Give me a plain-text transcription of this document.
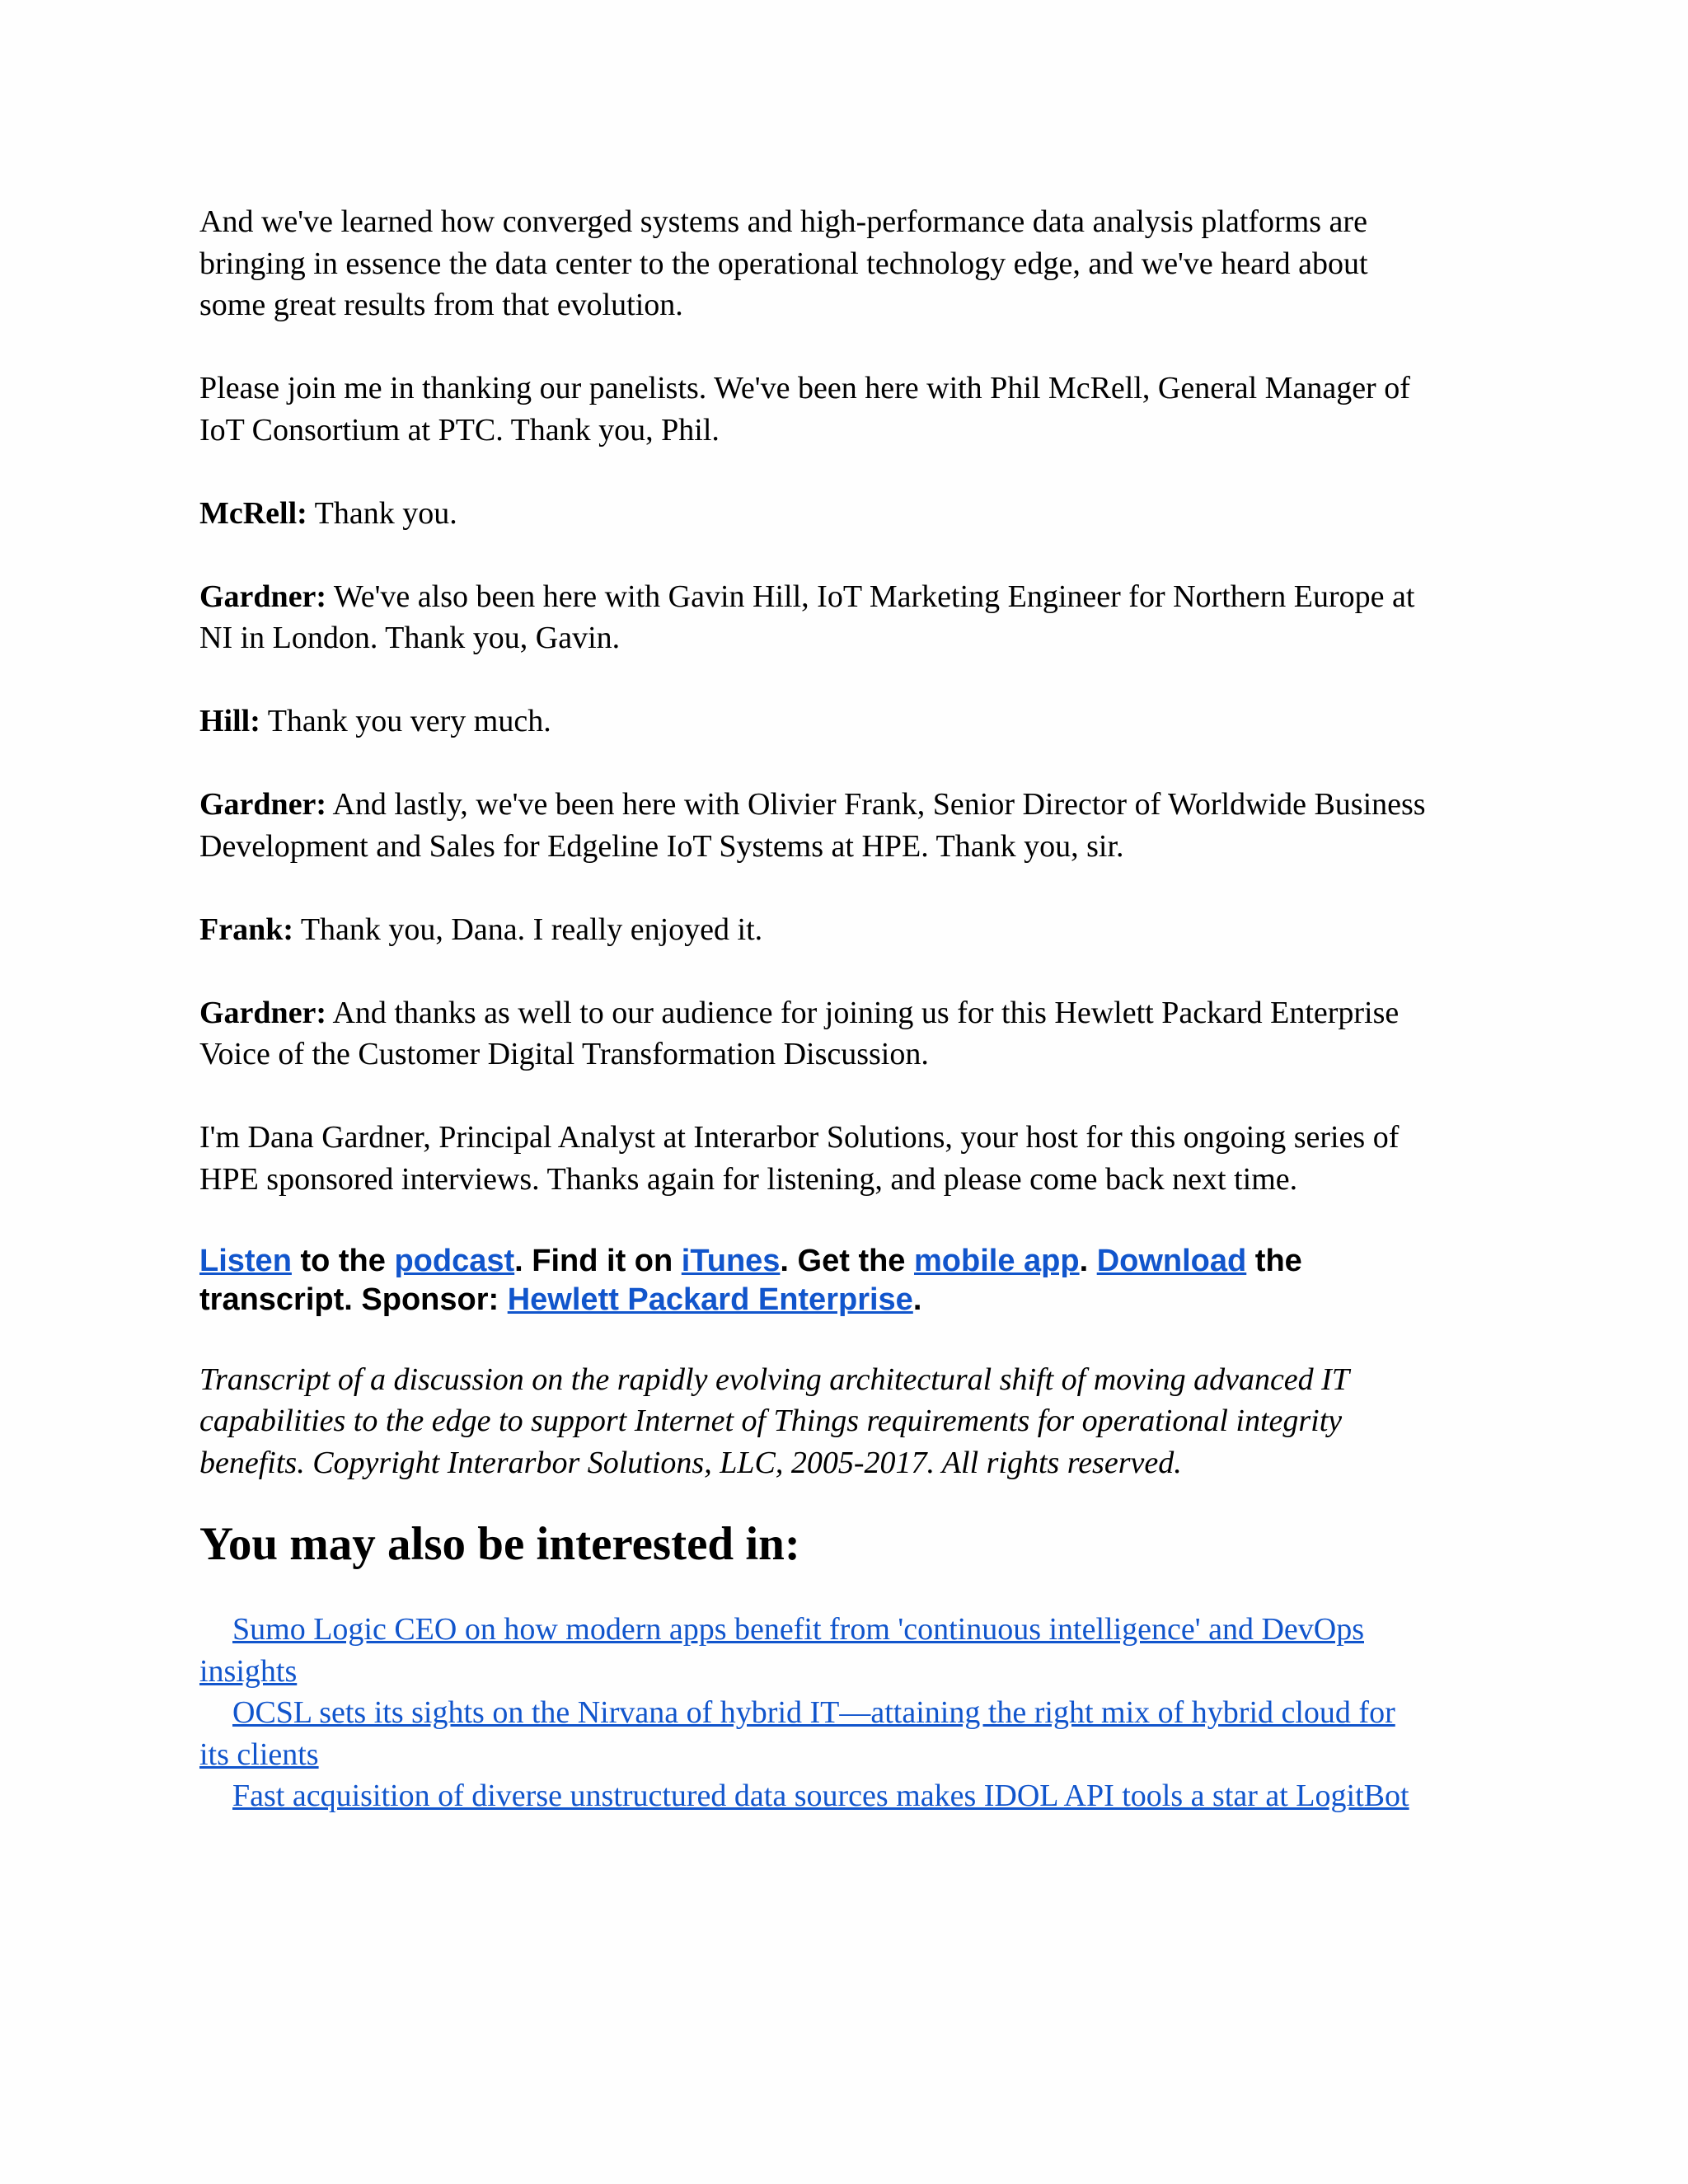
And we've learned how converged systems and high-performance data analysis platforms are bringing in essence the data center to the operational technology edge, and we've heard about some great results from that evolution.

Please join me in thanking our panelists. We've been here with Phil McRell, General Manager of IoT Consortium at PTC. Thank you, Phil.

McRell: Thank you.

Gardner: We've also been here with Gavin Hill, IoT Marketing Engineer for Northern Europe at NI in London. Thank you, Gavin.

Hill: Thank you very much.

Gardner: And lastly, we've been here with Olivier Frank, Senior Director of Worldwide Business Development and Sales for Edgeline IoT Systems at HPE. Thank you, sir.

Frank: Thank you, Dana. I really enjoyed it.

Gardner: And thanks as well to our audience for joining us for this Hewlett Packard Enterprise Voice of the Customer Digital Transformation Discussion.

I'm Dana Gardner, Principal Analyst at Interarbor Solutions, your host for this ongoing series of HPE sponsored interviews. Thanks again for listening, and please come back next time.

Listen to the podcast. Find it on iTunes. Get the mobile app. Download the transcript. Sponsor: Hewlett Packard Enterprise.

Transcript of a discussion on the rapidly evolving architectural shift of moving advanced IT capabilities to the edge to support Internet of Things requirements for operational integrity benefits. Copyright Interarbor Solutions, LLC, 2005-2017. All rights reserved.

You may also be interested in:
Sumo Logic CEO on how modern apps benefit from 'continuous intelligence' and DevOps insights
OCSL sets its sights on the Nirvana of hybrid IT—attaining the right mix of hybrid cloud for its clients
Fast acquisition of diverse unstructured data sources makes IDOL API tools a star at LogitBot
